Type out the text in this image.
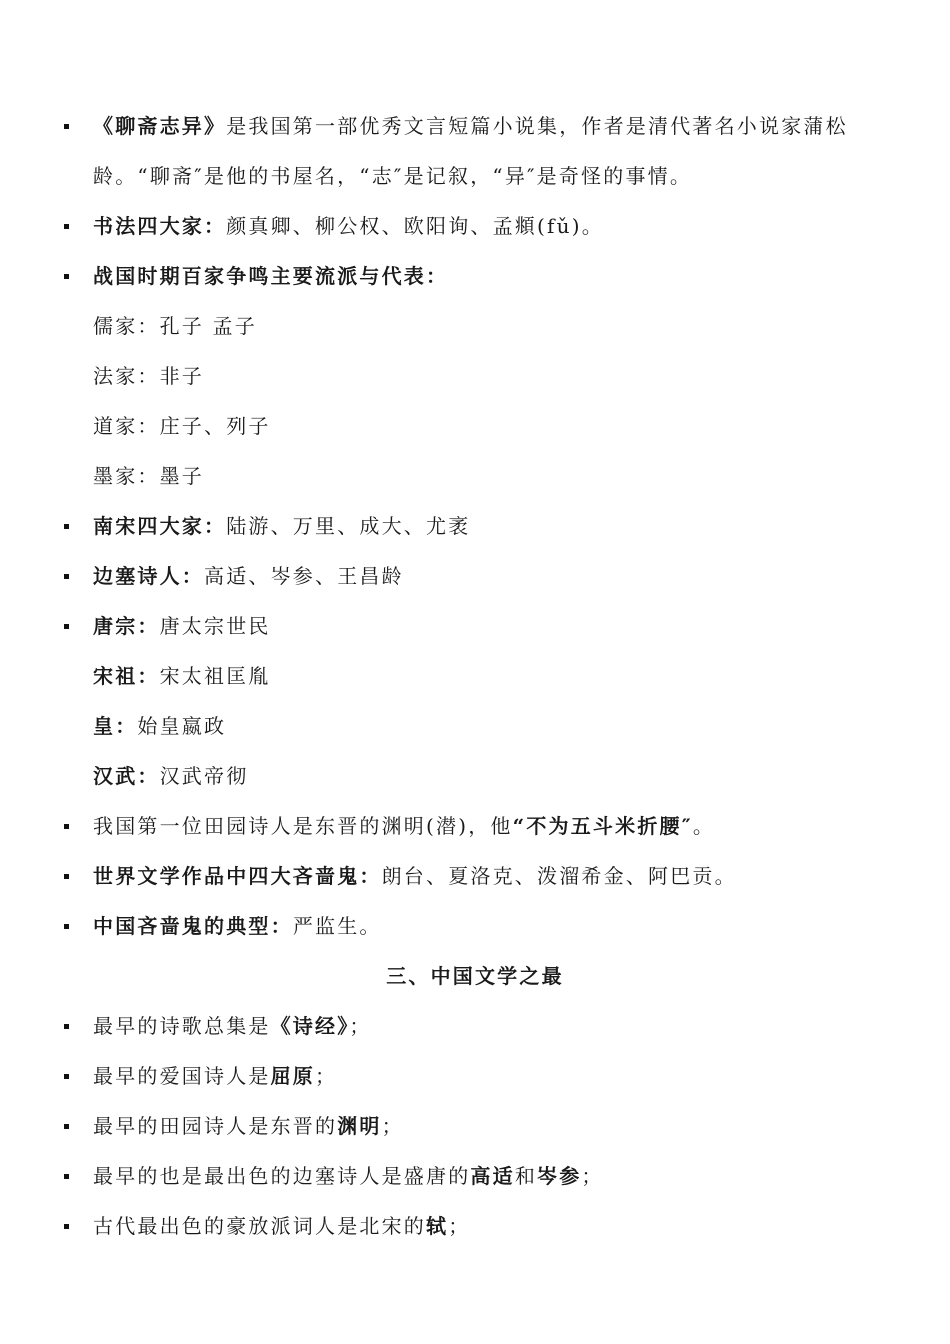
《聊斋志异》是我国第一部优秀文言短篇小说集，作者是清代著名小说家蒲松
龄。“聊斋″是他的书屋名，“志″是记叙，“异″是奇怪的事情。
书法四大家：颜真卿、柳公权、欧阳询、孟頫(fǔ)。
战国时期百家争鸣主要流派与代表：
儒家：孔子 孟子
法家：非子
道家：庄子、列子
墨家：墨子
南宋四大家：陆游、万里、成大、尤袤
边塞诗人：高适、岑参、王昌龄
唐宗：唐太宗世民
宋祖：宋太祖匡胤
皇：始皇嬴政
汉武：汉武帝彻
我国第一位田园诗人是东晋的渊明(潜)，他“不为五斗米折腰″。
世界文学作品中四大吝啬鬼：朗台、夏洛克、泼溜希金、阿巴贡。
中国吝啬鬼的典型：严监生。
三、中国文学之最
最早的诗歌总集是《诗经》；
最早的爱国诗人是屈原；
最早的田园诗人是东晋的渊明；
最早的也是最出色的边塞诗人是盛唐的高适和岑参；
古代最出色的豪放派词人是北宋的轼；
